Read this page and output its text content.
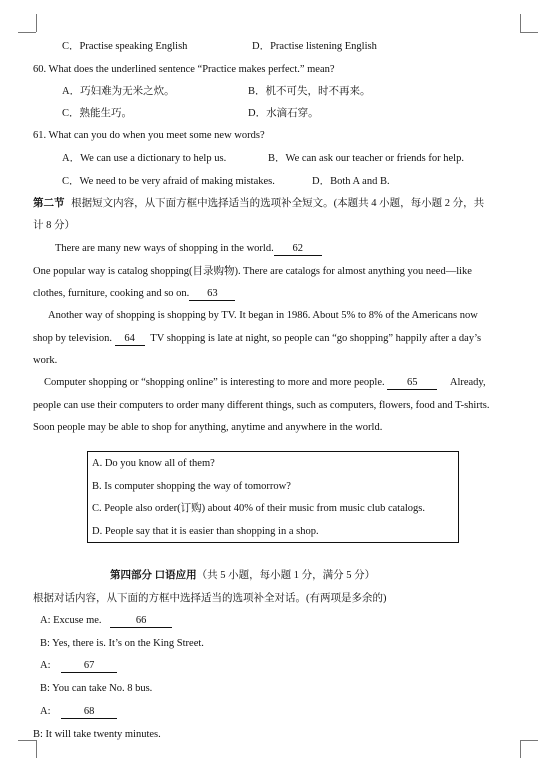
C．Practise speaking English	D．Practise listening English
60. What does the underlined sentence “Practice makes perfect.” mean?
A．巧妇难为无米之炊。	B．机不可失，时不再来。
C．熟能生巧。	D．水滴石穿。
61. What can you do when you meet some new words?
A．We can use a dictionary to help us.	B．We can ask our teacher or friends for help.
C．We need to be very afraid of making mistakes.	D．Both A and B.
第二节 根据短文内容，从下面方框中选择适当的选项补全短文。(本题共 4 小题，每小题 2 分，共
计 8 分）
There are many new ways of shopping in the world. 62
One popular way is catalog shopping(目录购物). There are catalogs for almost anything you need—like
clothes, furniture, cooking and so on. 63
Another way of shopping is shopping by TV. It began in 1986. About 5% to 8% of the Americans now
shop by television. 64 TV shopping is late at night, so people can “go shopping” happily after a day’s
work.
Computer shopping or “shopping online” is interesting to more and more people. 65	Already,
people can use their computers to order many different things, such as computers, flowers, food and T-shirts.
Soon people may be able to shop for anything, anytime and anywhere in the world.
A. Do you know all of them?
B. Is computer shopping the way of tomorrow?
C. People also order(订购) about 40% of their music from music club catalogs.
D. People say that it is easier than shopping in a shop.
第四部分 口语应用（共 5 小题，每小题 1 分，满分 5 分）
根据对话内容，从下面的方框中选择适当的选项补全对话。(有两项是多余的)
A: Excuse me.	66
B: Yes, there is. It’s on the King Street.
A:	67
B: You can take No. 8 bus.
A:	68
B: It will take twenty minutes.
